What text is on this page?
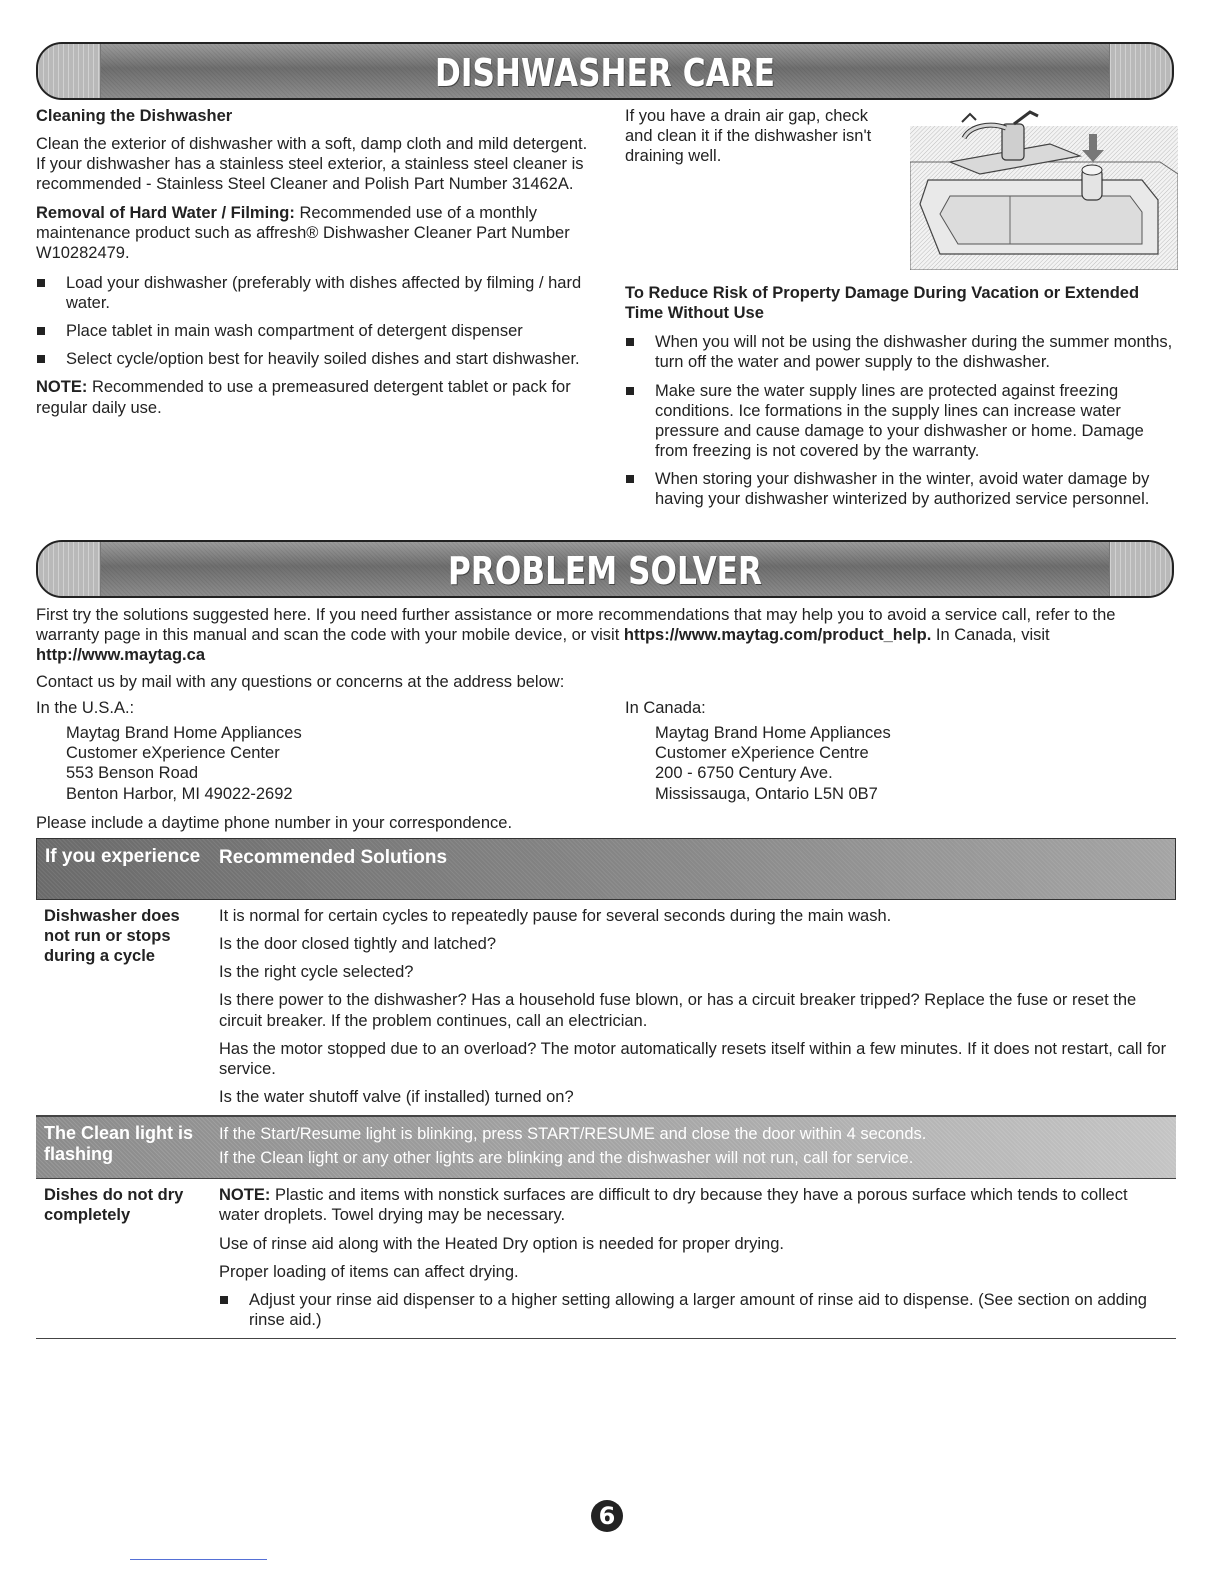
DISHWASHER CARE
Cleaning the Dishwasher

Clean the exterior of dishwasher with a soft, damp cloth and mild detergent. If your dishwasher has a stainless steel exterior, a stainless steel cleaner is recommended - Stainless Steel Cleaner and Polish Part Number 31462A.

Removal of Hard Water / Filming: Recommended use of a monthly maintenance product such as affresh® Dishwasher Cleaner Part Number W10282479.

Load your dishwasher (preferably with dishes affected by filming / hard water.
Place tablet in main wash compartment of detergent dispenser
Select cycle/option best for heavily soiled dishes and start dishwasher.

NOTE: Recommended to use a premeasured detergent tablet or pack for regular daily use.

If you have a drain air gap, check and clean it if the dishwasher isn't draining well.
To Reduce Risk of Property Damage During Vacation or Extended Time Without Use
When you will not be using the dishwasher during the summer months, turn off the water and power supply to the dishwasher.
Make sure the water supply lines are protected against freezing conditions. Ice formations in the supply lines can increase water pressure and cause damage to your dishwasher or home. Damage from freezing is not covered by the warranty.
When storing your dishwasher in the winter, avoid water damage by having your dishwasher winterized by authorized service personnel.
PROBLEM SOLVER

First try the solutions suggested here. If you need further assistance or more recommendations that may help you to avoid a service call, refer to the warranty page in this manual and scan the code with your mobile device, or visit https://www.maytag.com/product_help. In Canada, visit http://www.maytag.ca

Contact us by mail with any questions or concerns at the address below:

In the U.S.A.:

Maytag Brand Home Appliances

Customer eXperience Center

553 Benson Road

Benton Harbor, MI 49022-2692

In Canada:

Maytag Brand Home Appliances

Customer eXperience Centre

200 - 6750 Century Ave.

Mississauga, Ontario L5N 0B7

Please include a daytime phone number in your correspondence.

If you experience Recommended Solutions
Dishwasher does not run or stops during a cycle

It is normal for certain cycles to repeatedly pause for several seconds during the main wash.

Is the door closed tightly and latched?

Is the right cycle selected?

Is there power to the dishwasher? Has a household fuse blown, or has a circuit breaker tripped? Replace the fuse or reset the circuit breaker. If the problem continues, call an electrician.

Has the motor stopped due to an overload? The motor automatically resets itself within a few minutes. If it does not restart, call for service.

Is the water shutoff valve (if installed) turned on?

The Clean light is flashing

If the Start/Resume light is blinking, press START/RESUME and close the door within 4 seconds.

If the Clean light or any other lights are blinking and the dishwasher will not run, call for service.

Dishes do not dry completely

NOTE: Plastic and items with nonstick surfaces are difficult to dry because they have a porous surface which tends to collect water droplets. Towel drying may be necessary.

Use of rinse aid along with the Heated Dry option is needed for proper drying.

Proper loading of items can affect drying.

Adjust your rinse aid dispenser to a higher setting allowing a larger amount of rinse aid to dispense. (See section on adding rinse aid.)
6
